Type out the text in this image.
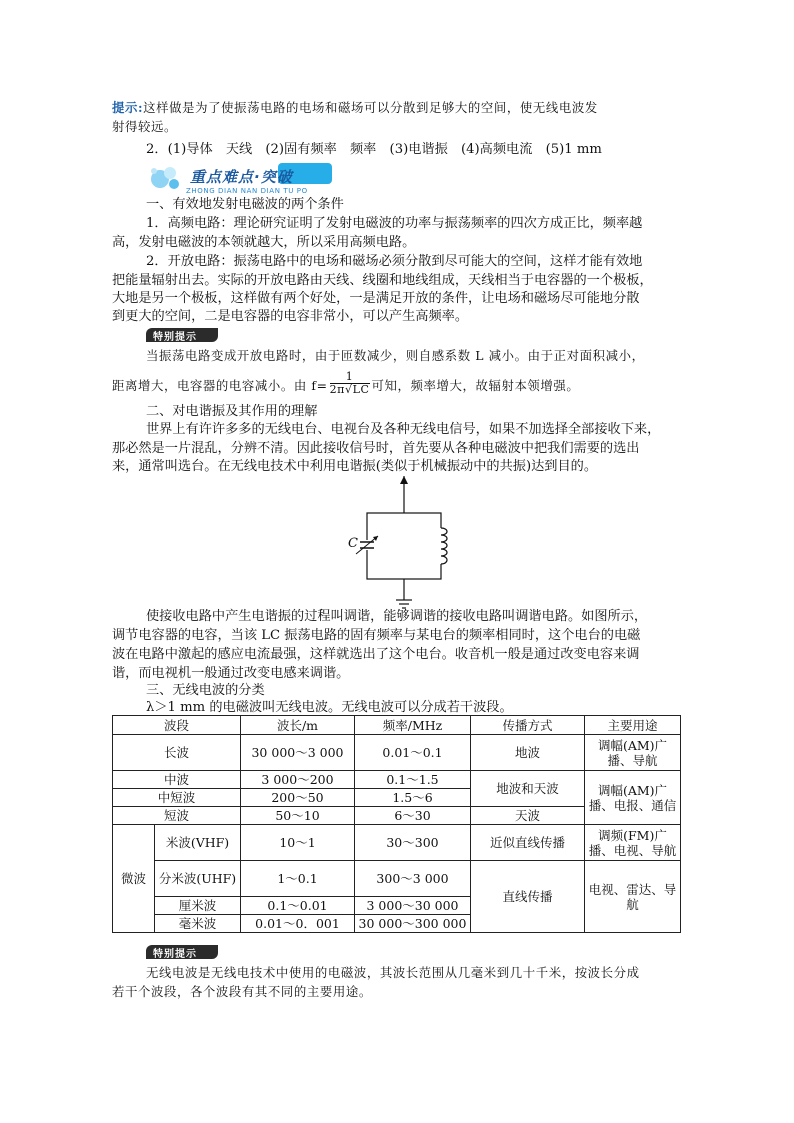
提示:这样做是为了使振荡电路的电场和磁场可以分散到足够大的空间，使无线电波发
射得较远。
2．(1)导体　天线　(2)固有频率　频率　(3)电谐振　(4)高频电流　(5)1 mm
重点难点·突破
ZHONG DIAN NAN DIAN TU PO
一、有效地发射电磁波的两个条件
1．高频电路：理论研究证明了发射电磁波的功率与振荡频率的四次方成正比，频率越
高，发射电磁波的本领就越大，所以采用高频电路。
2．开放电路：振荡电路中的电场和磁场必须分散到尽可能大的空间，这样才能有效地
把能量辐射出去。实际的开放电路由天线、线圈和地线组成，天线相当于电容器的一个极板，
大地是另一个极板，这样做有两个好处，一是满足开放的条件，让电场和磁场尽可能地分散
到更大的空间，二是电容器的电容非常小，可以产生高频率。
特别提示
当振荡电路变成开放电路时，由于匝数减少，则自感系数 L 减小。由于正对面积减小，
距离增大，电容器的电容减小。由 $f= \frac{1}{2\pi√LC}$ 可知，频率增大，故辐射本领增强。
二、对电谐振及其作用的理解
世界上有许许多多的无线电台、电视台及各种无线电信号，如果不加选择全部接收下来，
那必然是一片混乱，分辨不清。因此接收信号时，首先要从各种电磁波中把我们需要的选出
来，通常叫选台。在无线电技术中利用电谐振(类似于机械振动中的共振)达到目的。
C
使接收电路中产生电谐振的过程叫调谐，能够调谐的接收电路叫调谐电路。如图所示，
调节电容器的电容，当该 LC 振荡电路的固有频率与某电台的频率相同时，这个电台的电磁
波在电路中激起的感应电流最强，这样就选出了这个电台。收音机一般是通过改变电容来调
谐，而电视机一般通过改变电感来调谐。
三、无线电波的分类
λ＞1 mm 的电磁波叫无线电波。无线电波可以分成若干波段。
波段		波长/m	频率/MHz	传播方式	主要用途
长波		30 000～3 000	0.01～0.1	地波	调幅(AM)广播、导航
中波		3 000～200	0.1～1.5	地波和天波	调幅(AM)广播、电报、通信
中短波		200～50	1.5～6		
短波		50～10	6～30	天波	
微波	米波(VHF)	10～1	30～300	近似直线传播	调频(FM)广播、电视、导航
	分米波(UHF)	1～0.1	300～3 000	直线传播	电视、雷达、导航
	厘米波	0.1～0.01	3 000～30 000		
	毫米波	0.01～0．001	30 000～300 000		
特别提示
无线电波是无线电技术中使用的电磁波，其波长范围从几毫米到几十千米，按波长分成
若干个波段，各个波段有其不同的主要用途。
